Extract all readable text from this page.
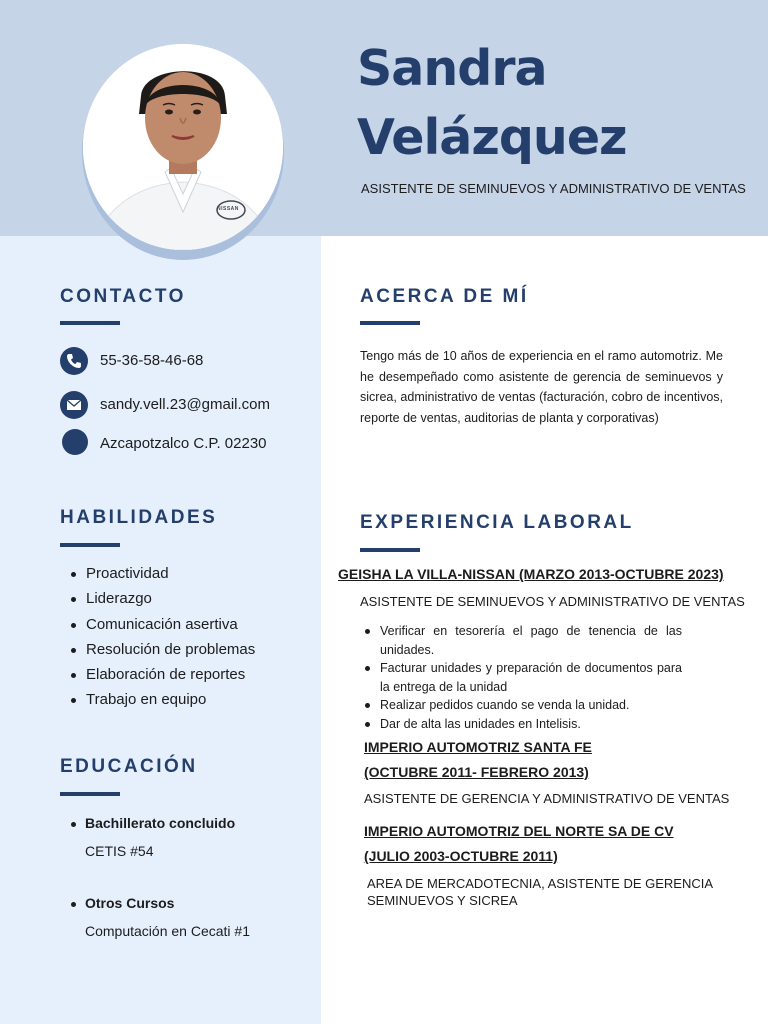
NISSAN
Sandra
Velázquez
ASISTENTE DE SEMINUEVOS Y ADMINISTRATIVO DE VENTAS
CONTACTO
55-36-58-46-68
sandy.vell.23@gmail.com
Azcapotzalco C.P. 02230
HABILIDADES
Proactividad
Liderazgo
Comunicación asertiva
Resolución de problemas
Elaboración de reportes
Trabajo en equipo
EDUCACIÓN
Bachillerato concluido
CETIS #54
Otros Cursos
Computación en Cecati #1
ACERCA DE MÍ
Tengo más de 10 años de experiencia en el ramo automotriz. Me he desempeñado como asistente de gerencia de seminuevos y sicrea, administrativo de ventas (facturación, cobro de incentivos, reporte de ventas, auditorias de planta y corporativas)
EXPERIENCIA LABORAL
GEISHA LA VILLA-NISSAN (MARZO 2013-OCTUBRE 2023)
ASISTENTE DE SEMINUEVOS Y ADMINISTRATIVO DE VENTAS
Verificar en tesorería el pago de tenencia de las unidades.
Facturar unidades y preparación de documentos para la entrega de la unidad
Realizar pedidos cuando se venda la unidad.
Dar de alta las unidades en Intelisis.
IMPERIO AUTOMOTRIZ SANTA FE
(OCTUBRE 2011- FEBRERO 2013)
ASISTENTE DE GERENCIA Y ADMINISTRATIVO DE VENTAS
IMPERIO AUTOMOTRIZ DEL NORTE SA DE CV
(JULIO 2003-OCTUBRE 2011)
AREA DE MERCADOTECNIA, ASISTENTE DE GERENCIA
SEMINUEVOS Y SICREA
